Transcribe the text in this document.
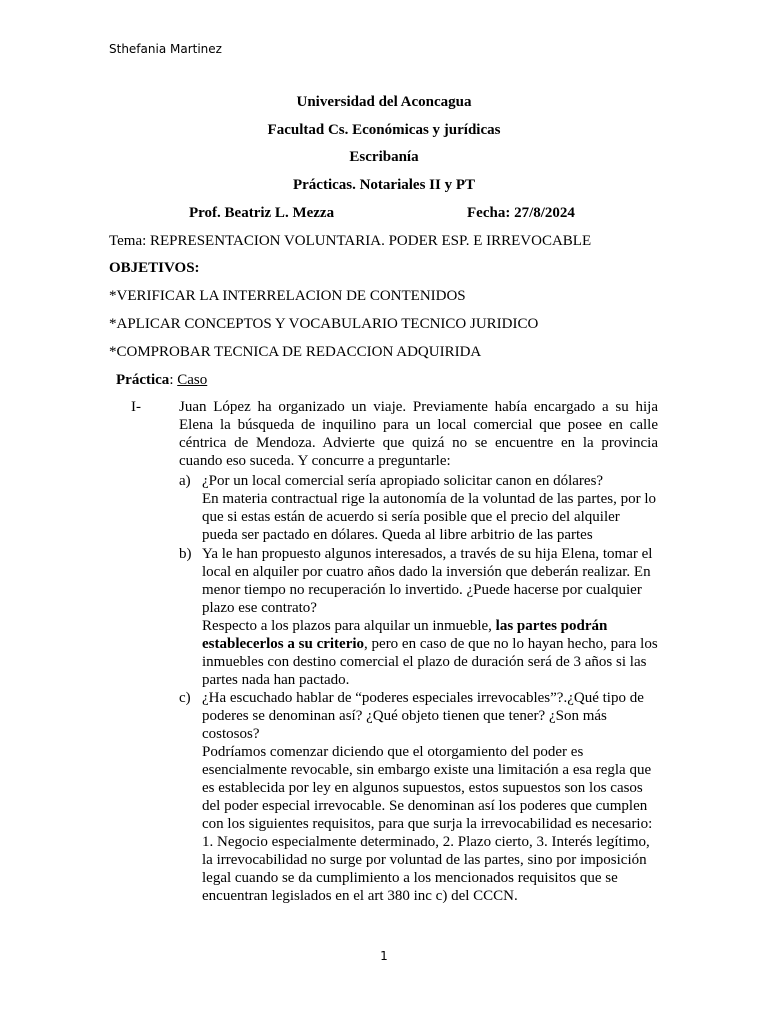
Sthefania Martinez
Universidad del Aconcagua
Facultad Cs. Económicas y jurídicas
Escribanía
Prácticas. Notariales II y PT
Prof. Beatriz L. Mezza	Fecha: 27/8/2024
Tema: REPRESENTACION VOLUNTARIA. PODER ESP. E IRREVOCABLE
OBJETIVOS:
*VERIFICAR LA INTERRELACION DE CONTENIDOS
*APLICAR CONCEPTOS Y VOCABULARIO TECNICO JURIDICO
*COMPROBAR TECNICA DE REDACCION ADQUIRIDA
Práctica: Caso
I-	Juan López ha organizado un viaje. Previamente había encargado a su hija Elena la búsqueda de inquilino para un local comercial que posee en calle céntrica de Mendoza. Advierte que quizá no se encuentre en la provincia cuando eso suceda. Y concurre a preguntarle:
a) ¿Por un local comercial sería apropiado solicitar canon en dólares?
En materia contractual rige la autonomía de la voluntad de las partes, por lo que si estas están de acuerdo si sería posible que el precio del alquiler pueda ser pactado en dólares. Queda al libre arbitrio de las partes
b) Ya le han propuesto algunos interesados, a través de su hija Elena, tomar el local en alquiler por cuatro años dado la inversión que deberán realizar. En menor tiempo no recuperación lo invertido. ¿Puede hacerse por cualquier plazo ese contrato?
Respecto a los plazos para alquilar un inmueble, las partes podrán establecerlos a su criterio, pero en caso de que no lo hayan hecho, para los inmuebles con destino comercial el plazo de duración será de 3 años si las partes nada han pactado.
c) ¿Ha escuchado hablar de “poderes especiales irrevocables”?.¿Qué tipo de poderes se denominan así? ¿Qué objeto tienen que tener? ¿Son más costosos?
Podríamos comenzar diciendo que el otorgamiento del poder es esencialmente revocable, sin embargo existe una limitación a esa regla que es establecida por ley en algunos supuestos, estos supuestos son los casos del poder especial irrevocable. Se denominan así los poderes que cumplen con los siguientes requisitos, para que surja la irrevocabilidad es necesario: 1. Negocio especialmente determinado, 2. Plazo cierto, 3. Interés legítimo, la irrevocabilidad no surge por voluntad de las partes, sino por imposición legal cuando se da cumplimiento a los mencionados requisitos que se encuentran legislados en el art 380 inc c) del CCCN.
1
